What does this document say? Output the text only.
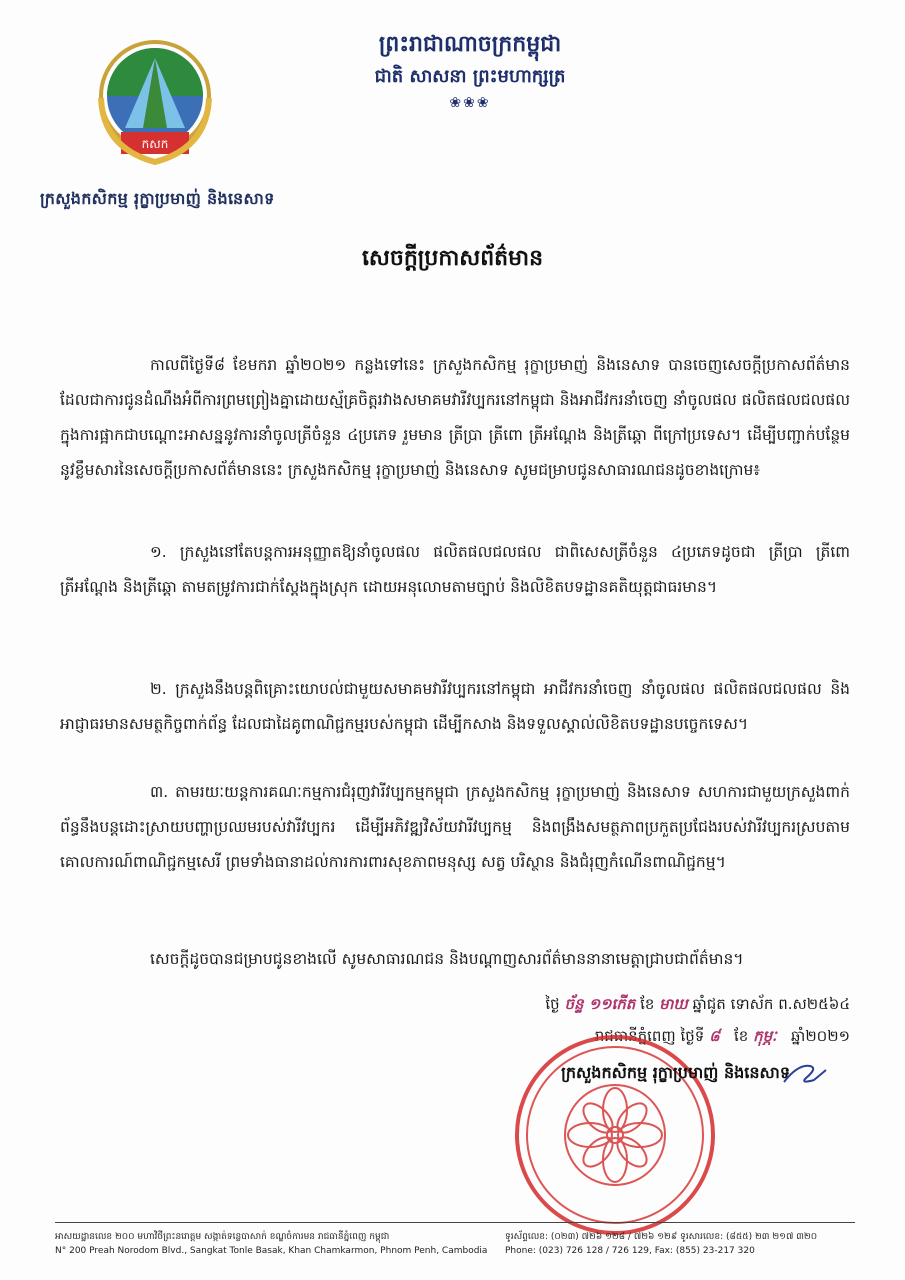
កសក
ក្រសួងកសិកម្ម រុក្ខាប្រមាញ់ និងនេសាទ
ព្រះរាជាណាចក្រកម្ពុជា
ជាតិ សាសនា ព្រះមហាក្សត្រ
❀❀❀
សេចក្តីប្រកាសព័ត៌មាន
កាលពីថ្ងៃទី៨ ខែមករា ឆ្នាំ២០២១ កន្លងទៅនេះ ក្រសួងកសិកម្ម រុក្ខាប្រមាញ់ និងនេសាទ បានចេញសេចក្តីប្រកាសព័ត៌មាន ដែលជាការជូនដំណឹងអំពីការព្រមព្រៀងគ្នាដោយស្ម័គ្រចិត្តរវាងសមាគមវារីវប្បករនៅកម្ពុជា និងអាជីវករនាំចេញ នាំចូលផល ផលិតផលជលផល ក្នុងការផ្អាកជាបណ្តោះអាសន្ននូវការនាំចូលត្រីចំនួន ៤ប្រភេទ រួមមាន ត្រីប្រា ត្រីពោ ត្រីអណ្តែង និងត្រីឆ្តោ ពីក្រៅប្រទេស។ ដើម្បីបញ្ជាក់បន្ថែមនូវខ្លឹមសារនៃសេចក្តីប្រកាសព័ត៌មាននេះ ក្រសួងកសិកម្ម រុក្ខាប្រមាញ់ និងនេសាទ សូមជម្រាបជូនសាធារណជនដូចខាងក្រោម៖
១. ក្រសួងនៅតែបន្តការអនុញ្ញាតឱ្យនាំចូលផល ផលិតផលជលផល ជាពិសេសត្រីចំនួន ៤ប្រភេទដូចជា ត្រីប្រា ត្រីពោ ត្រីអណ្តែង និងត្រីឆ្តោ តាមតម្រូវការជាក់ស្តែងក្នុងស្រុក ដោយអនុលោមតាមច្បាប់ និងលិខិតបទដ្ឋានគតិយុត្តជាធរមាន។
២. ក្រសួងនឹងបន្តពិគ្រោះយោបល់ជាមួយសមាគមវារីវប្បករនៅកម្ពុជា អាជីវករនាំចេញ នាំចូលផល ផលិតផលជលផល និងអាជ្ញាធរមានសមត្ថកិច្ចពាក់ព័ន្ធ ដែលជាដៃគូពាណិជ្ជកម្មរបស់កម្ពុជា ដើម្បីកសាង និងទទួលស្គាល់លិខិតបទដ្ឋានបច្ចេកទេស។
៣. តាមរយៈយន្តការគណៈកម្មការជំរុញវារីវប្បកម្មកម្ពុជា ក្រសួងកសិកម្ម រុក្ខាប្រមាញ់ និងនេសាទ សហការជាមួយក្រសួងពាក់ព័ន្ធនឹងបន្តដោះស្រាយបញ្ហាប្រឈមរបស់វារីវប្បករ ដើម្បីអភិវឌ្ឍវិស័យវារីវប្បកម្ម និងពង្រឹងសមត្ថភាពប្រកួតប្រជែងរបស់វារីវប្បករស្របតាមគោលការណ៍ពាណិជ្ជកម្មសេរី ព្រមទាំងធានាដល់ការការពារសុខភាពមនុស្ស សត្វ បរិស្ថាន និងជំរុញកំណើនពាណិជ្ជកម្ម។
សេចក្តីដូចបានជម្រាបជូនខាងលើ សូមសាធារណជន និងបណ្តាញសារព័ត៌មាននានាមេត្តាជ្រាបជាព័ត៌មាន។
ថ្ងៃ ច័ន្ទ ១១កើត ខែ មាឃ ឆ្នាំជូត ទោស័ក ព.ស២៥៦៤
រាជធានីភ្នំពេញ ថ្ងៃទី ៨ ខែ កុម្ភៈ ឆ្នាំ២០២១
ក្រសួងកសិកម្ម រុក្ខាប្រមាញ់ និងនេសាទ
អាសយដ្ឋានលេខ ២០០ មហាវិថីព្រះនរោត្តម សង្កាត់ទន្លេបាសាក់ ខណ្ឌចំការមន រាជធានីភ្នំពេញ កម្ពុជា
N° 200 Preah Norodom Blvd., Sangkat Tonle Basak, Khan Chamkarmon, Phnom Penh, Cambodia
ទូរស័ព្ទលេខ: (០២៣) ៧២៦ ១២៨ / ៧២៦ ១២៩ ទូរសារលេខ: (៨៥៥) ២៣ ២១៧ ៣២០
Phone: (023) 726 128 / 726 129, Fax: (855) 23-217 320
